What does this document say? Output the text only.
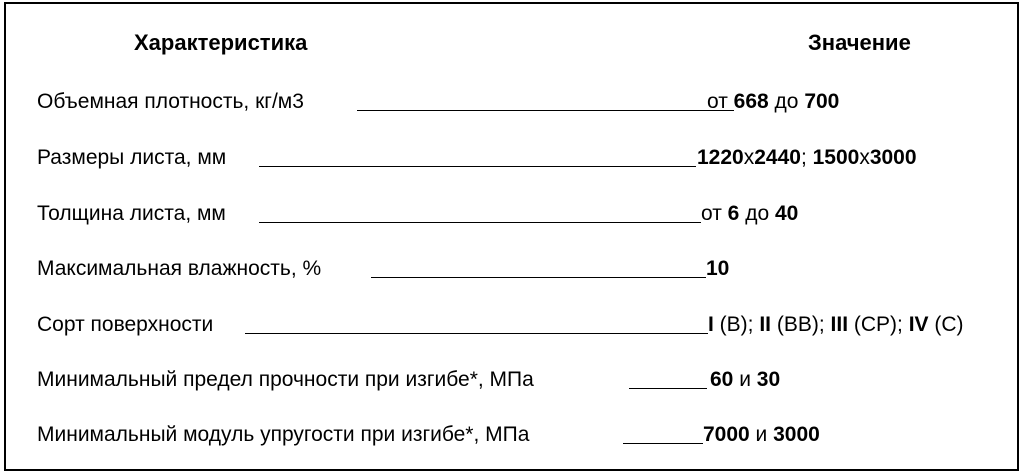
Характеристика	Значение
Объемная плотность, кг/м3	от 668 до 700
Размеры листа, мм	1220x2440; 1500x3000
Толщина листа, мм	от 6 до 40
Максимальная влажность, %	10
Сорт поверхности	I (B); II (BB); III (CP); IV (C)
Минимальный предел прочности при изгибе*, МПа	60 и 30
Минимальный модуль упругости при изгибе*, МПа	7000 и 3000
